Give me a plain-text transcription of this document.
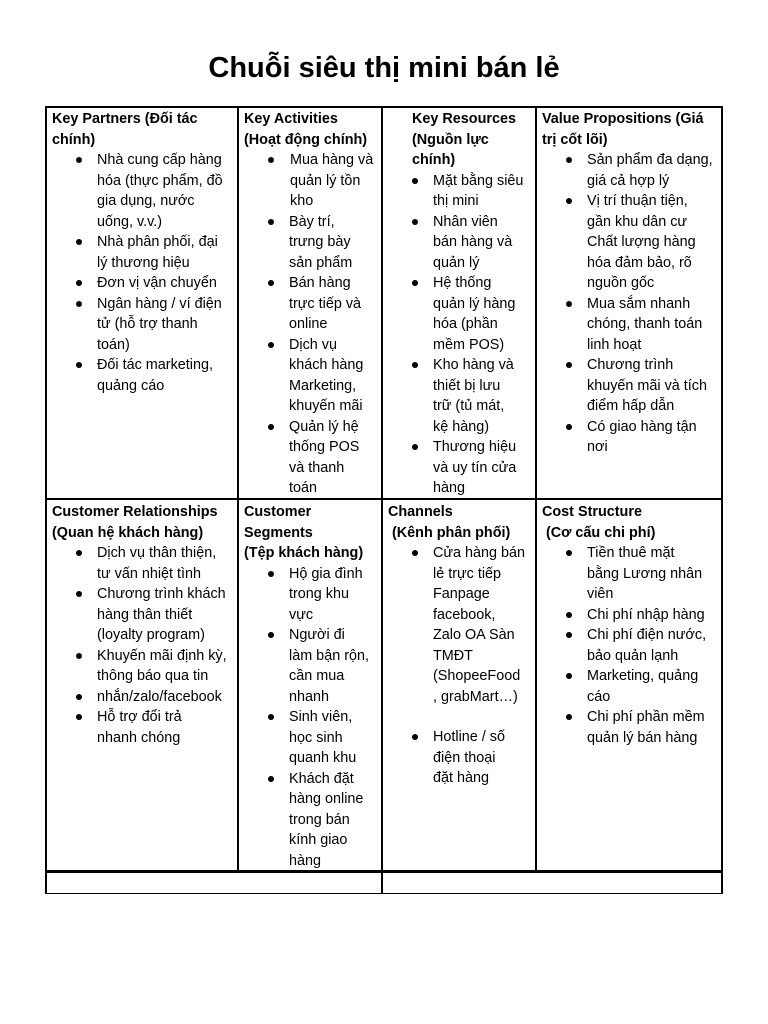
Chuỗi siêu thị mini bán lẻ
Key Partners (Đối tác
chính)
Nhà cung cấp hàng
hóa (thực phẩm, đồ
gia dụng, nước
uống, v.v.)
Nhà phân phối, đại
lý thương hiệu
Đơn vị vận chuyển
Ngân hàng / ví điện
tử (hỗ trợ thanh
toán)
Đối tác marketing,
quảng cáo
Key Activities
(Hoạt động chính)
Mua hàng và
quản lý tồn
kho
Bày trí,
trưng bày
sản phẩm
Bán hàng
trực tiếp và
online
Dịch vụ
khách hàng
Marketing,
khuyến mãi
Quản lý hệ
thống POS
và thanh
toán
Key Resources
(Nguồn lực
chính)
Mặt bằng siêu
thị mini
Nhân viên
bán hàng và
quản lý
Hệ thống
quản lý hàng
hóa (phần
mềm POS)
Kho hàng và
thiết bị lưu
trữ (tủ mát,
kệ hàng)
Thương hiệu
và uy tín cửa
hàng
Value Propositions (Giá
trị cốt lõi)
Sản phẩm đa dạng,
giá cả hợp lý
Vị trí thuận tiện,
gần khu dân cư
Chất lượng hàng
hóa đảm bảo, rõ
nguồn gốc
Mua sắm nhanh
chóng, thanh toán
linh hoạt
Chương trình
khuyến mãi và tích
điểm hấp dẫn
Có giao hàng tận
nơi
Customer Relationships
(Quan hệ khách hàng)
Dịch vụ thân thiện,
tư vấn nhiệt tình
Chương trình khách
hàng thân thiết
(loyalty program)
Khuyến mãi định kỳ,
thông báo qua tin
nhắn/zalo/facebook
Hỗ trợ đổi trả
nhanh chóng
Customer
Segments
(Tệp khách hàng)
Hộ gia đình
trong khu
vực
Người đi
làm bận rộn,
cần mua
nhanh
Sinh viên,
học sinh
quanh khu
Khách đặt
hàng online
trong bán
kính giao
hàng
Channels
(Kênh phân phối)
Cửa hàng bán
lẻ trực tiếp
Fanpage
facebook,
Zalo OA Sàn
TMĐT
(ShopeeFood
, grabMart…)
Hotline / số
điện thoại
đặt hàng
Cost Structure
(Cơ cấu chi phí)
Tiền thuê mặt
bằng Lương nhân
viên
Chi phí nhập hàng
Chi phí điện nước,
bảo quản lạnh
Marketing, quảng
cáo
Chi phí phần mềm
quản lý bán hàng
